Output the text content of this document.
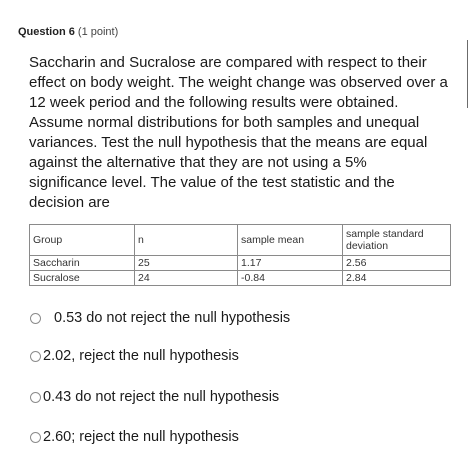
Question 6 (1 point)
Saccharin and Sucralose are compared with respect to their effect on body weight. The weight change was observed over a 12 week period and the following results were obtained. Assume normal distributions for both samples and unequal variances. Test the null hypothesis that the means are equal against the alternative that they are not using a 5% significance level. The value of the test statistic and the decision are
Group	n	sample mean	sample standard deviation
Saccharin	25	1.17	2.56
Sucralose	24	-0.84	2.84
0.53 do not reject the null hypothesis
2.02, reject the null hypothesis
0.43 do not reject the null hypothesis
2.60; reject the null hypothesis
